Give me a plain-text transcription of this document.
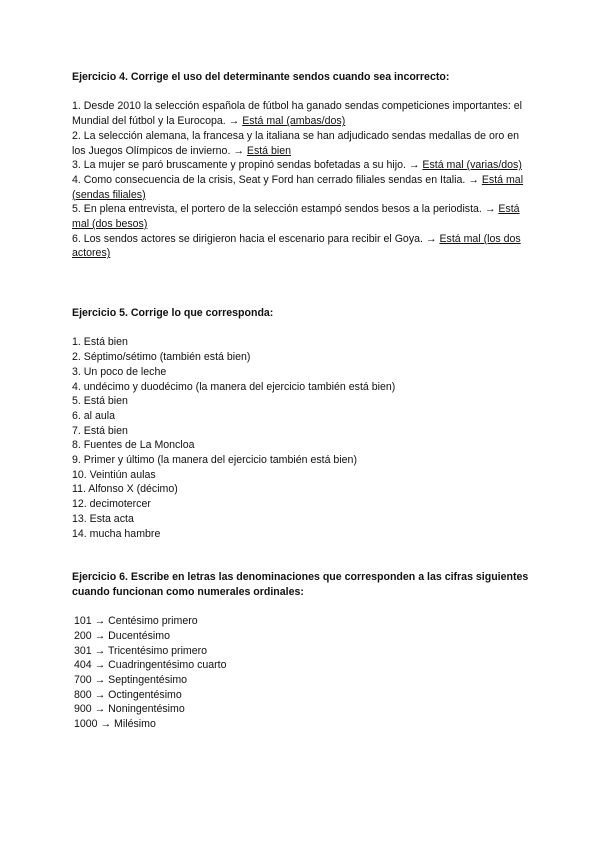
Ejercicio 4. Corrige el uso del determinante sendos cuando sea incorrecto:

1. Desde 2010 la selección española de fútbol ha ganado sendas competiciones importantes: el Mundial del fútbol y la Eurocopa. → Está mal (ambas/dos)

2. La selección alemana, la francesa y la italiana se han adjudicado sendas medallas de oro en los Juegos Olímpicos de invierno. → Está bien

3. La mujer se paró bruscamente y propinó sendas bofetadas a su hijo. → Está mal (varias/dos)

4. Como consecuencia de la crisis, Seat y Ford han cerrado filiales sendas en Italia. → Está mal (sendas filiales)

5. En plena entrevista, el portero de la selección estampó sendos besos a la periodista. → Está mal (dos besos)

6. Los sendos actores se dirigieron hacia el escenario para recibir el Goya. → Está mal (los dos actores)

Ejercicio 5. Corrige lo que corresponda:

1. Está bien

2. Séptimo/sétimo (también está bien)

3. Un poco de leche

4. undécimo y duodécimo (la manera del ejercicio también está bien)

5. Está bien

6. al aula

7. Está bien

8. Fuentes de La Moncloa

9. Primer y último (la manera del ejercicio también está bien)

10. Veintiún aulas

11. Alfonso X (décimo)

12. decimotercer

13. Esta acta

14. mucha hambre

Ejercicio 6. Escribe en letras las denominaciones que corresponden a las cifras siguientes cuando funcionan como numerales ordinales:

101 → Centésimo primero

200 → Ducentésimo

301 → Tricentésimo primero

404 → Cuadringentésimo cuarto

700 → Septingentésimo

800 → Octingentésimo

900 → Noningentésimo

1000 → Milésimo
